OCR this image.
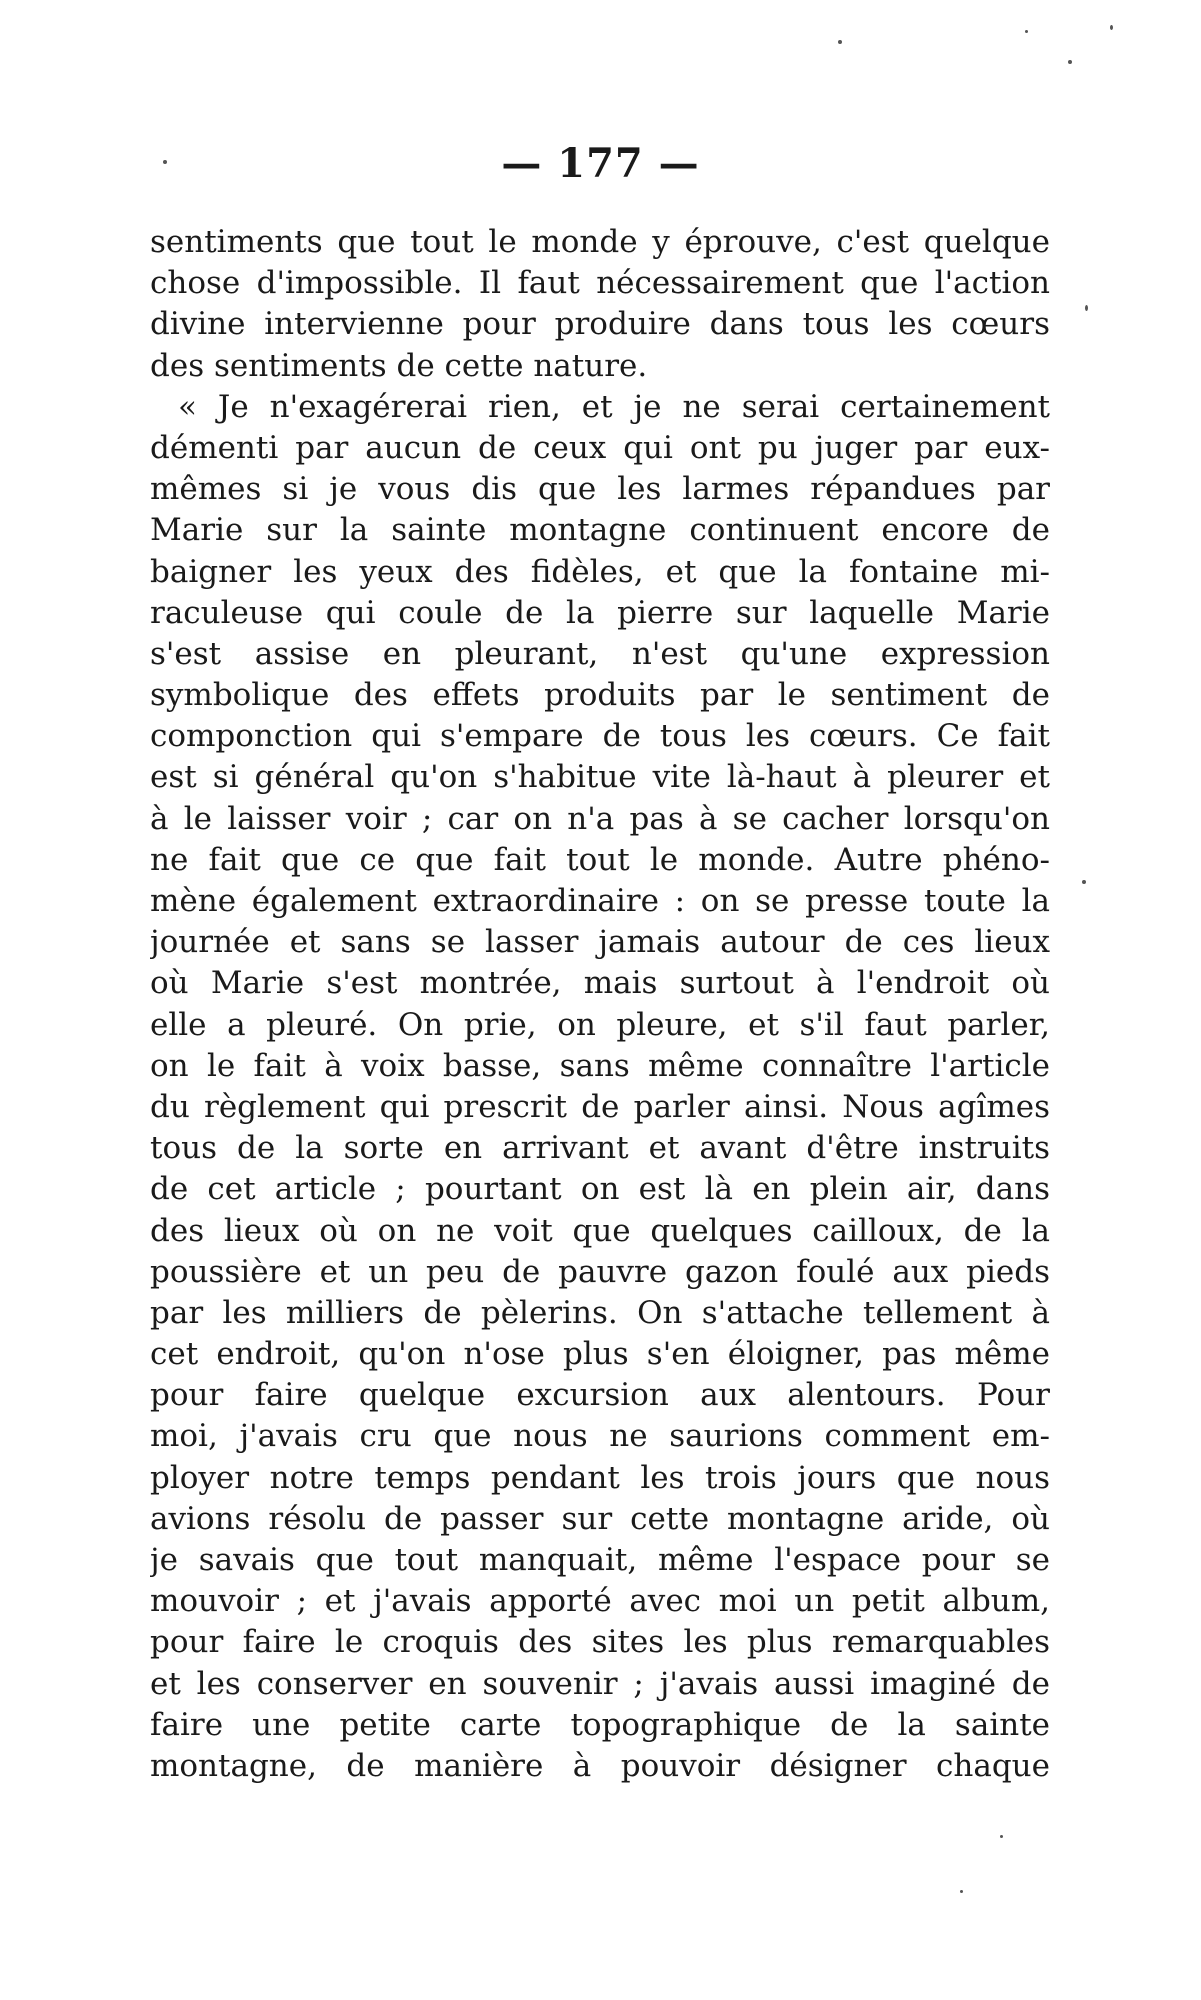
— 177 —
sentiments que tout le monde y éprouve, c'est quelque
chose d'impossible. Il faut nécessairement que l'action
divine intervienne pour produire dans tous les cœurs
des sentiments de cette nature.
« Je n'exagérerai rien, et je ne serai certainement
démenti par aucun de ceux qui ont pu juger par eux-
mêmes si je vous dis que les larmes répandues par
Marie sur la sainte montagne continuent encore de
baigner les yeux des fidèles, et que la fontaine mi-
raculeuse qui coule de la pierre sur laquelle Marie
s'est assise en pleurant, n'est qu'une expression
symbolique des effets produits par le sentiment de
componction qui s'empare de tous les cœurs. Ce fait
est si général qu'on s'habitue vite là-haut à pleurer et
à le laisser voir ; car on n'a pas à se cacher lorsqu'on
ne fait que ce que fait tout le monde. Autre phéno-
mène également extraordinaire : on se presse toute la
journée et sans se lasser jamais autour de ces lieux
où Marie s'est montrée, mais surtout à l'endroit où
elle a pleuré. On prie, on pleure, et s'il faut parler,
on le fait à voix basse, sans même connaître l'article
du règlement qui prescrit de parler ainsi. Nous agîmes
tous de la sorte en arrivant et avant d'être instruits
de cet article ; pourtant on est là en plein air, dans
des lieux où on ne voit que quelques cailloux, de la
poussière et un peu de pauvre gazon foulé aux pieds
par les milliers de pèlerins. On s'attache tellement à
cet endroit, qu'on n'ose plus s'en éloigner, pas même
pour faire quelque excursion aux alentours. Pour
moi, j'avais cru que nous ne saurions comment em-
ployer notre temps pendant les trois jours que nous
avions résolu de passer sur cette montagne aride, où
je savais que tout manquait, même l'espace pour se
mouvoir ; et j'avais apporté avec moi un petit album,
pour faire le croquis des sites les plus remarquables
et les conserver en souvenir ; j'avais aussi imaginé de
faire une petite carte topographique de la sainte
montagne, de manière à pouvoir désigner chaque
